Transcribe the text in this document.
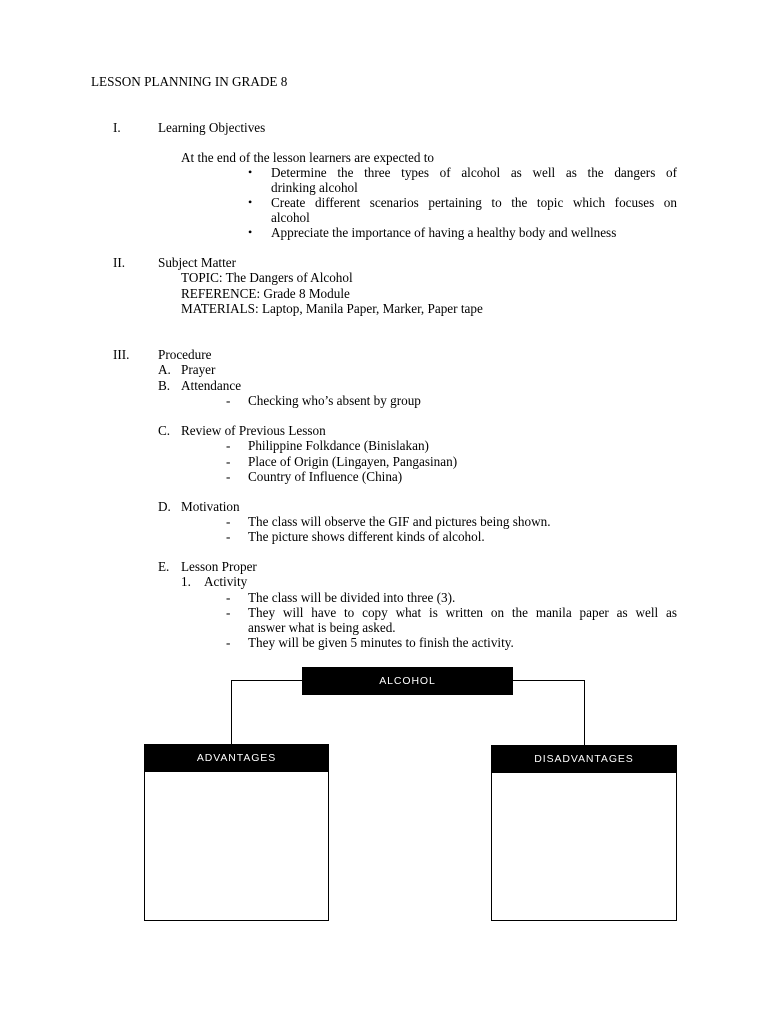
LESSON PLANNING IN GRADE 8
I.	Learning Objectives
At the end of the lesson learners are expected to
• Determine the three types of alcohol as well as the dangers of
drinking alcohol
• Create different scenarios pertaining to the topic which focuses on
alcohol
• Appreciate the importance of having a healthy body and wellness
II. Subject Matter
TOPIC: The Dangers of Alcohol
REFERENCE: Grade 8 Module
MATERIALS: Laptop, Manila Paper, Marker, Paper tape
III. Procedure
A. Prayer
B. Attendance
- Checking who’s absent by group
C. Review of Previous Lesson
- Philippine Folkdance (Binislakan)
- Place of Origin (Lingayen, Pangasinan)
- Country of Influence (China)
D. Motivation
- The class will observe the GIF and pictures being shown.
- The picture shows different kinds of alcohol.
E. Lesson Proper
1. Activity
- The class will be divided into three (3).
- They will have to copy what is written on the manila paper as well as
answer what is being asked.
- They will be given 5 minutes to finish the activity.
ALCOHOL
ADVANTAGES	DISADVANTAGES
